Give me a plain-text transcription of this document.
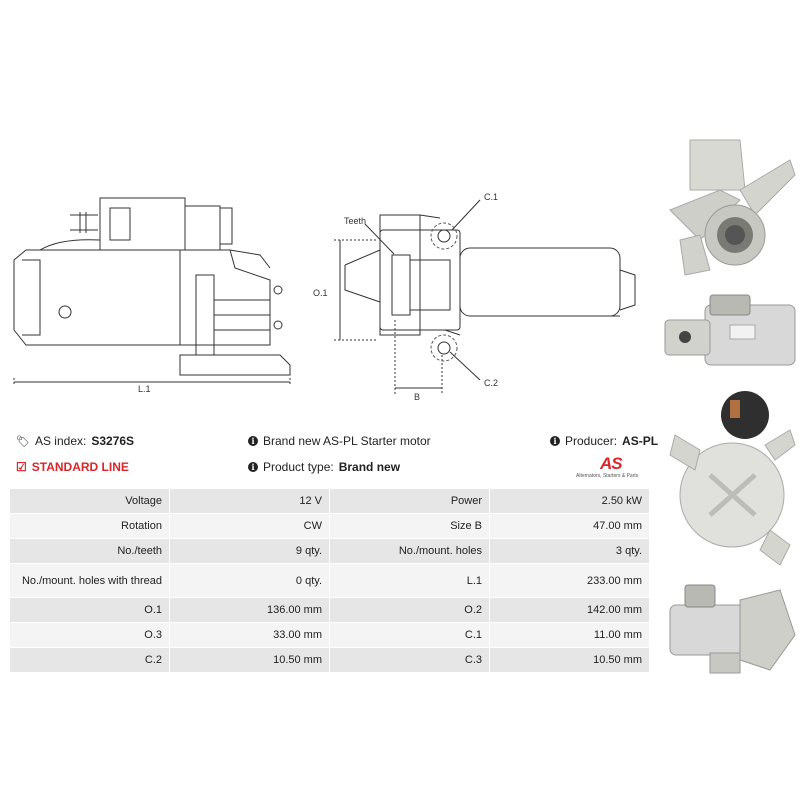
L.1
O.1
Teeth
C.1
C.2
B
🏷 AS index: S3276S
☑ STANDARD LINE
i Brand new AS-PL Starter motor
i Product type: Brand new
i Producer: AS-PL
AS
Alternators, Starters & Parts
Voltage	12 V	Power	2.50 kW
Rotation	CW	Size B	47.00 mm
No./teeth	9 qty.	No./mount. holes	3 qty.
No./mount. holes with thread	0 qty.	L.1	233.00 mm
O.1	136.00 mm	O.2	142.00 mm
O.3	33.00 mm	C.1	11.00 mm
C.2	10.50 mm	C.3	10.50 mm
